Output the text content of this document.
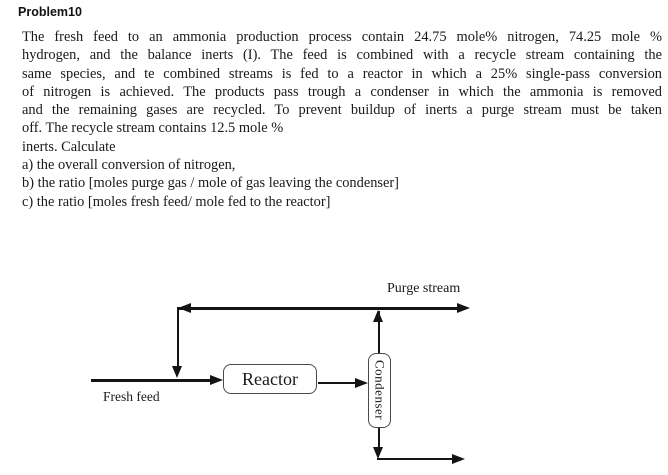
Problem10
The fresh feed to an ammonia production process contain 24.75 mole% nitrogen, 74.25 mole %
hydrogen, and the balance inerts (I). The feed is combined with a recycle stream containing the
same species, and te combined streams is fed to a reactor in which a 25% single-pass conversion
of nitrogen is achieved. The products pass trough a condenser in which the ammonia is removed
and the remaining gases are recycled. To prevent buildup of inerts a purge stream must be taken
off. The recycle stream contains 12.5 mole %
inerts. Calculate
a) the overall conversion of nitrogen,
b) the ratio [moles purge gas / mole of gas leaving the condenser]
c) the ratio [moles fresh feed/ mole fed to the reactor]
Purge stream
Fresh feed
Reactor	Condenser
